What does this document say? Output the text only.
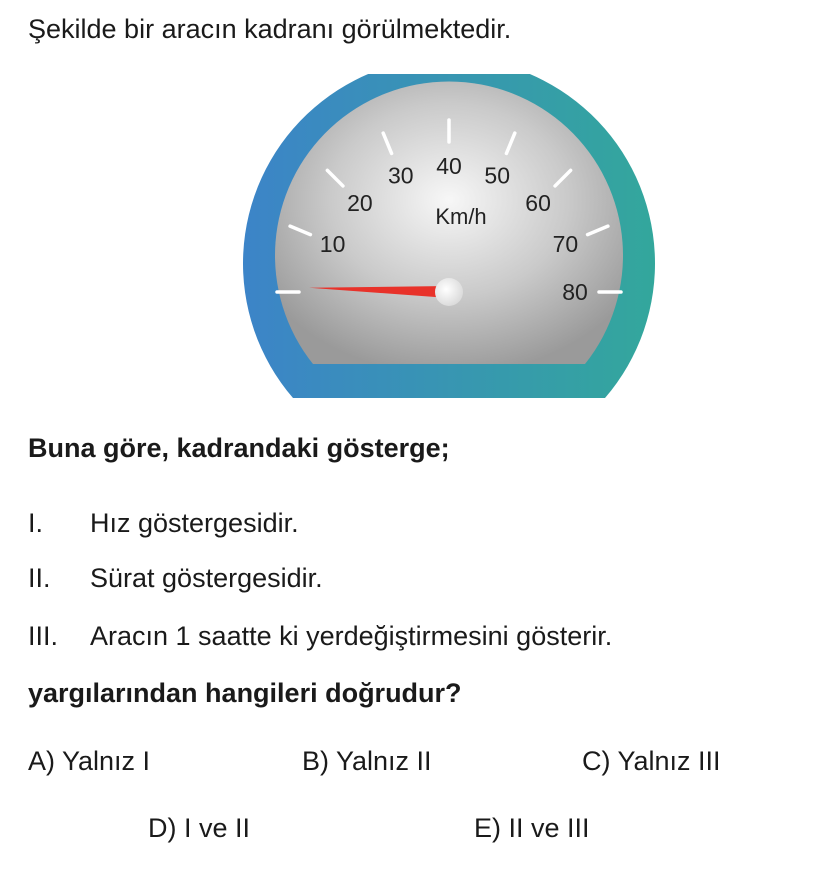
Şekilde bir aracın kadranı görülmektedir.
10
20
30 40 50
60
70
80
Km/h
Buna göre, kadrandaki gösterge;
I. Hız göstergesidir.
II. Sürat göstergesidir.
III. Aracın 1 saatte ki yerdeğiştirmesini gösterir.
yargılarından hangileri doğrudur?
A) Yalnız I	B) Yalnız II	C) Yalnız III
D) I ve II	E) II ve III
